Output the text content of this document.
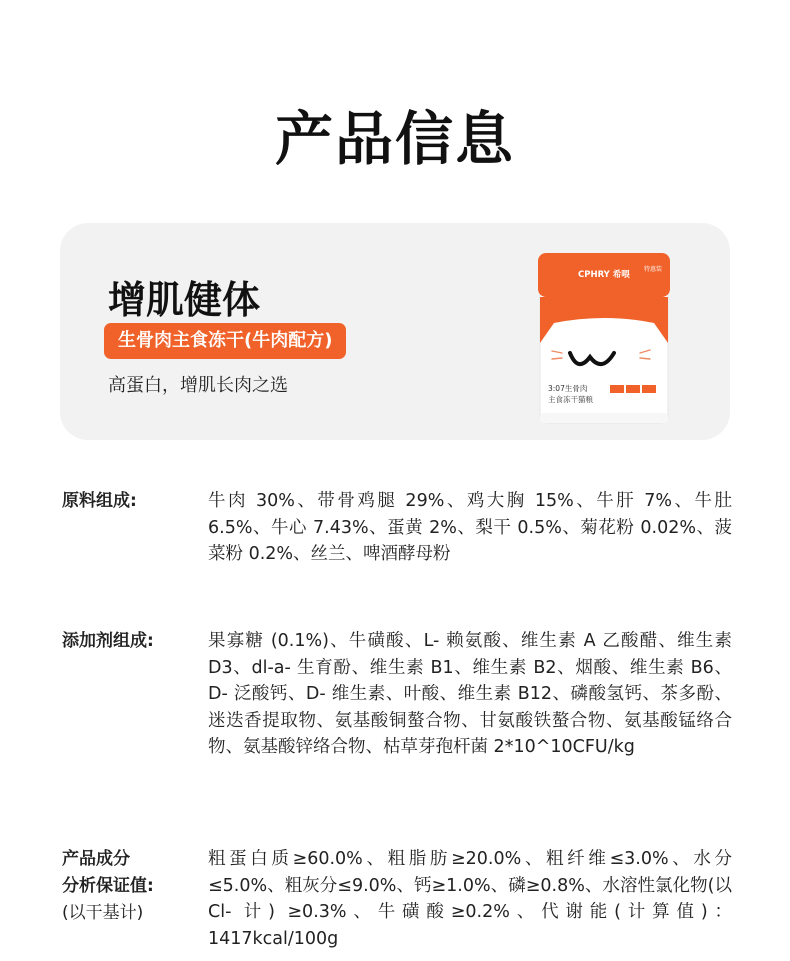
产品信息
增肌健体
生骨肉主食冻干(牛肉配方)
高蛋白，增肌长肉之选
CPHRY 希喂
特惠装
3:07生骨肉
主食冻干猫粮
原料组成:	牛肉 30%、带骨鸡腿 29%、鸡大胸 15%、牛肝 7%、牛肚 6.5%、牛心 7.43%、蛋黄 2%、梨干 0.5%、菊花粉 0.02%、菠菜粉 0.2%、丝兰、啤酒酵母粉
添加剂组成:	果寡糖 (0.1%)、牛磺酸、L- 赖氨酸、维生素 A 乙酸醋、维生素 D3、dl-a- 生育酚、维生素 B1、维生素 B2、烟酸、维生素 B6、D- 泛酸钙、D- 维生素、叶酸、维生素 B12、磷酸氢钙、茶多酚、迷迭香提取物、氨基酸铜螯合物、甘氨酸铁螯合物、氨基酸锰络合物、氨基酸锌络合物、枯草芽孢杆菌 2*10^10CFU/kg
产品成分
分析保证值:
(以干基计)
粗蛋白质≥60.0%、粗脂肪≥20.0%、粗纤维≤3.0%、水分≤5.0%、粗灰分≤9.0%、钙≥1.0%、磷≥0.8%、水溶性氯化物(以 Cl- 计) ≥0.3%、牛磺酸≥0.2%、代谢能(计算值)： 1417kcal/100g
